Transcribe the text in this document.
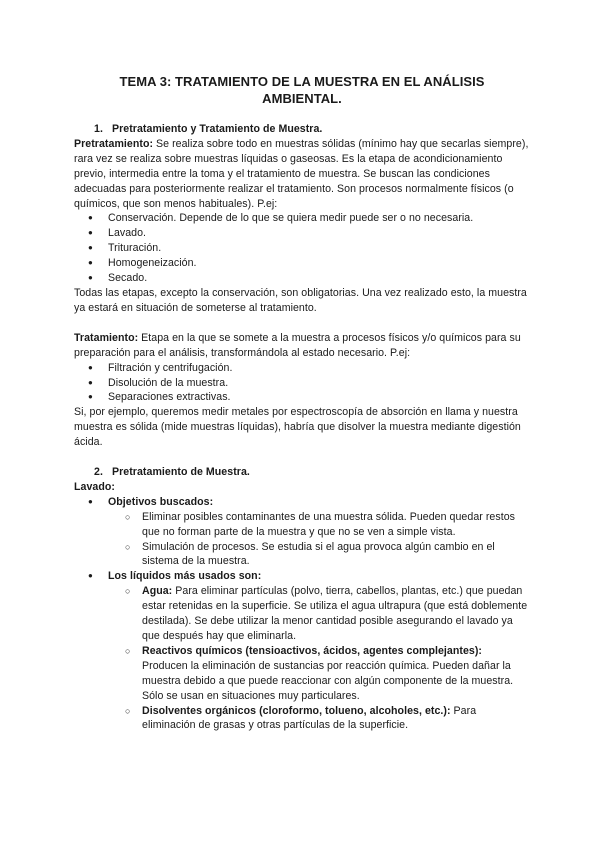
TEMA 3: TRATAMIENTO DE LA MUESTRA EN EL ANÁLISIS AMBIENTAL.
1. Pretratamiento y Tratamiento de Muestra.

Pretratamiento: Se realiza sobre todo en muestras sólidas (mínimo hay que secarlas siempre), rara vez se realiza sobre muestras líquidas o gaseosas. Es la etapa de acondicionamiento previo, intermedia entre la toma y el tratamiento de muestra. Se buscan las condiciones adecuadas para posteriormente realizar el tratamiento. Son procesos normalmente físicos (o químicos, que son menos habituales). P.ej:

● Conservación. Depende de lo que se quiera medir puede ser o no necesaria.
● Lavado.
● Trituración.
● Homogeneización.
● Secado.

Todas las etapas, excepto la conservación, son obligatorias. Una vez realizado esto, la muestra ya estará en situación de someterse al tratamiento.

Tratamiento: Etapa en la que se somete a la muestra a procesos físicos y/o químicos para su preparación para el análisis, transformándola al estado necesario. P.ej:

● Filtración y centrifugación.
● Disolución de la muestra.
● Separaciones extractivas.

Si, por ejemplo, queremos medir metales por espectroscopía de absorción en llama y nuestra muestra es sólida (mide muestras líquidas), habría que disolver la muestra mediante digestión ácida.

2. Pretratamiento de Muestra.

Lavado:

● Objetivos buscados:
○ Eliminar posibles contaminantes de una muestra sólida. Pueden quedar restos que no forman parte de la muestra y que no se ven a simple vista.
○ Simulación de procesos. Se estudia si el agua provoca algún cambio en el sistema de la muestra.
● Los líquidos más usados son:
○ Agua: Para eliminar partículas (polvo, tierra, cabellos, plantas, etc.) que puedan estar retenidas en la superficie. Se utiliza el agua ultrapura (que está doblemente destilada). Se debe utilizar la menor cantidad posible asegurando el lavado ya que después hay que eliminarla.
○ Reactivos químicos (tensioactivos, ácidos, agentes complejantes): Producen la eliminación de sustancias por reacción química. Pueden dañar la muestra debido a que puede reaccionar con algún componente de la muestra. Sólo se usan en situaciones muy particulares.
○ Disolventes orgánicos (cloroformo, tolueno, alcoholes, etc.): Para eliminación de grasas y otras partículas de la superficie.
